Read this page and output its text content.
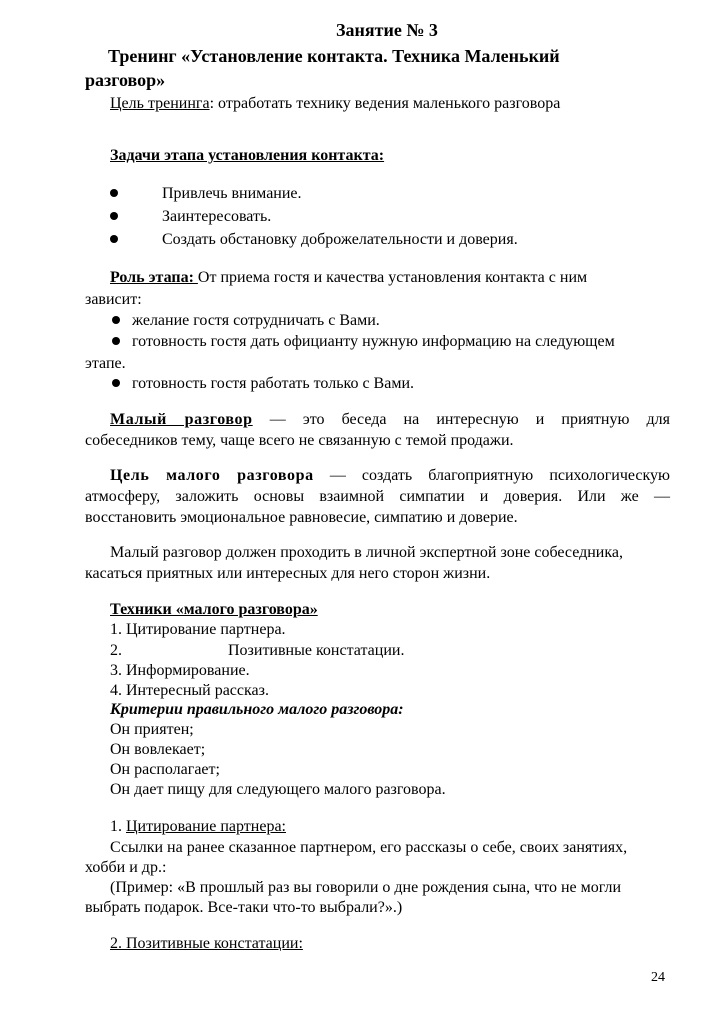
Занятие № 3
Тренинг «Установление контакта. Техника Маленький
разговор»
Цель тренинга: отработать технику ведения маленького разговора
Задачи этапа установления контакта:
Привлечь внимание.
Заинтересовать.
Создать обстановку доброжелательности и доверия.
Роль этапа: От приема гостя и качества установления контакта с ним
зависит:
желание гостя сотрудничать с Вами.
готовность гостя дать официанту нужную информацию на следующем
этапе.
готовность гостя работать только с Вами.
Малый разговор — это беседа на интересную и приятную для
собеседников тему, чаще всего не связанную с темой продажи.
Цель малого разговора — создать благоприятную психологическую
атмосферу, заложить основы взаимной симпатии и доверия. Или же —
восстановить эмоциональное равновесие, симпатию и доверие.
Малый разговор должен проходить в личной экспертной зоне собеседника,
касаться приятных или интересных для него сторон жизни.
Техники «малого разговора»
1. Цитирование партнера.
2.	Позитивные констатации.
3. Информирование.
4. Интересный рассказ.
Критерии правильного малого разговора:
Он приятен;
Он вовлекает;
Он располагает;
Он дает пищу для следующего малого разговора.
1. Цитирование партнера:
Ссылки на ранее сказанное партнером, его рассказы о себе, своих занятиях,
хобби и др.:
(Пример: «В прошлый раз вы говорили о дне рождения сына, что не могли
выбрать подарок. Все-таки что-то выбрали?».)
2. Позитивные констатации:
24
